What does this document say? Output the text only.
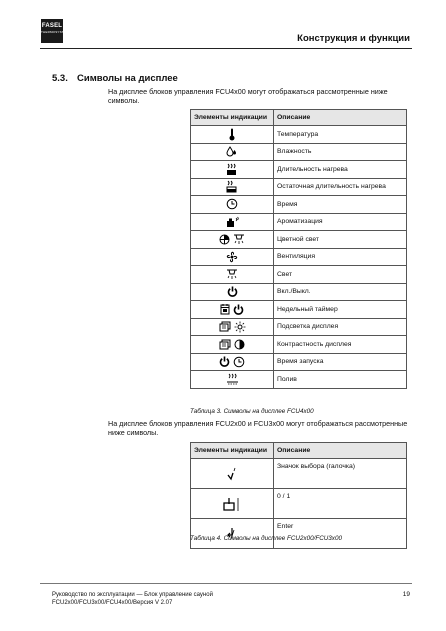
FASEL
THERMOSYSTEMS
Конструкция и функции
5.3. Символы на дисплее
На дисплее блоков управления FCU4x00 могут отображаться рассмотренные ниже символы.
Элементы индикации	Описание

	Температура

	Влажность

	Длительность нагрева

	Остаточная длительность нагрева

	Время

	Ароматизация

	Цветной свет

	Вентиляция

	Свет

	Вкл./Выкл.

	Недельный таймер

	Подсветка дисплея

	Контрастность дисплея

	Время запуска

	Полив
Таблица 3. Символы на дисплее FCU4x00
На дисплее блоков управления FCU2x00 и FCU3x00 могут отображаться рассмотренные ниже символы.
Элементы индикации	Описание

	Значок выбора (галочка)

	0 / 1

	Enter
Таблица 4. Символы на дисплее FCU2x00/FCU3x00
Руководство по эксплуатации — Блок управление сауной
FCU2x00/FCU3x00/FCU4x00/Версия V 2.07
19
